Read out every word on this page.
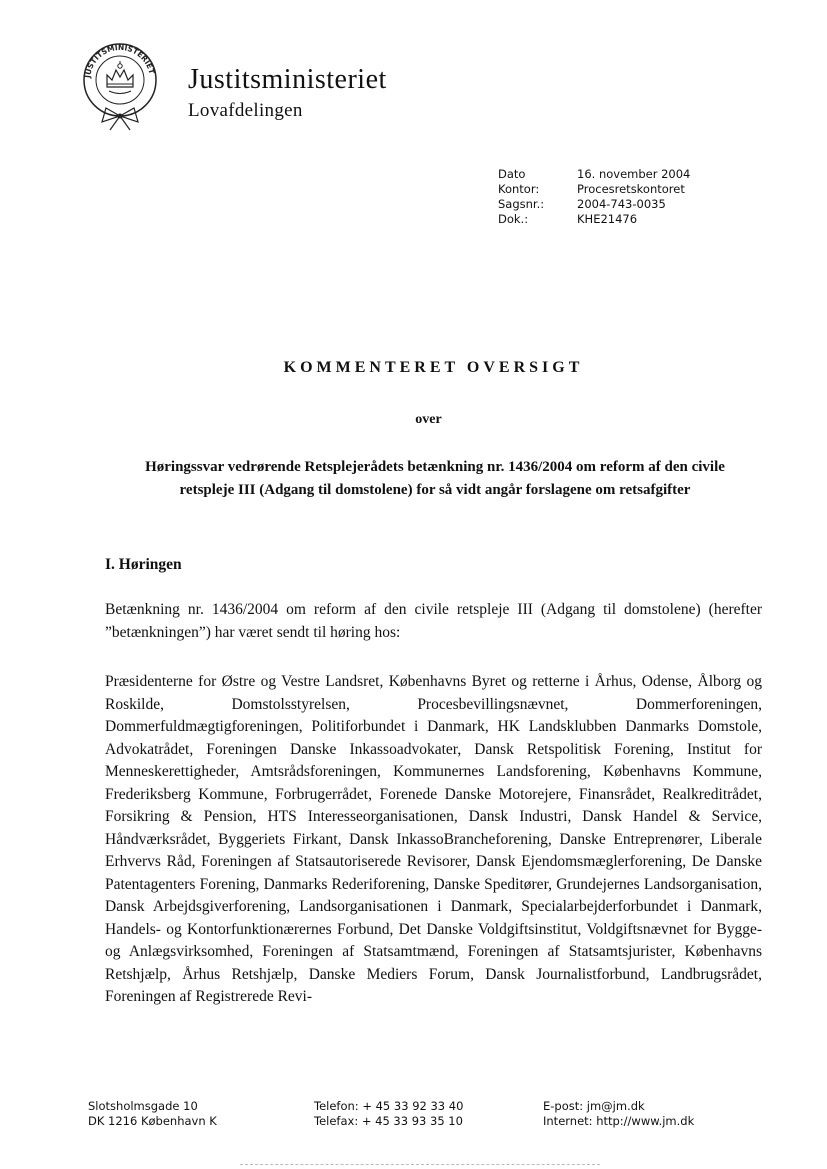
JUSTITSMINISTERIET Justitsministeriet
Lovafdelingen
Dato	16. november 2004
Kontor:	Procesretskontoret
Sagsnr.:	2004-743-0035
Dok.:	KHE21476
KOMMENTERET OVERSIGT
over
Høringssvar vedrørende Retsplejerådets betænkning nr. 1436/2004 om reform af den civile
retspleje III (Adgang til domstolene) for så vidt angår forslagene om retsafgifter
I. Høringen
Betænkning nr. 1436/2004 om reform af den civile retspleje III (Adgang til domstolene) (herefter ”betænkningen”) har været sendt til høring hos:
Præsidenterne for Østre og Vestre Landsret, Københavns Byret og retterne i Århus, Odense, Ålborg og Roskilde, Domstolsstyrelsen, Procesbevillingsnævnet, Dommerforeningen, Dommerfuldmægtigforeningen, Politiforbundet i Danmark, HK Landsklubben Danmarks Domstole, Advokatrådet, Foreningen Danske Inkassoadvokater, Dansk Retspolitisk Forening, Institut for Menneskerettigheder, Amtsrådsforeningen, Kommunernes Landsforening, Københavns Kommune, Frederiksberg Kommune, Forbrugerrådet, Forenede Danske Motorejere, Finansrådet, Realkreditrådet, Forsikring & Pension, HTS Interesseorganisationen, Dansk Industri, Dansk Handel & Service, Håndværksrådet, Byggeriets Firkant, Dansk InkassoBrancheforening, Danske Entreprenører, Liberale Erhvervs Råd, Foreningen af Statsautoriserede Revisorer, Dansk Ejendomsmæglerforening, De Danske Patentagenters Forening, Danmarks Rederiforening, Danske Speditører, Grundejernes Landsorganisation, Dansk Arbejdsgiverforening, Landsorganisationen i Danmark, Specialarbejderforbundet i Danmark, Handels- og Kontorfunktionærernes Forbund, Det Danske Voldgiftsinstitut, Voldgiftsnævnet for Bygge- og Anlægsvirksomhed, Foreningen af Statsamtmænd, Foreningen af Statsamtsjurister, Københavns Retshjælp, Århus Retshjælp, Danske Mediers Forum, Dansk Journalistforbund, Landbrugsrådet, Foreningen af Registrerede Revi-
Slotsholmsgade 10
DK 1216 København K
Telefon: + 45 33 92 33 40
Telefax: + 45 33 93 35 10
E-post: jm@jm.dk
Internet: http://www.jm.dk
